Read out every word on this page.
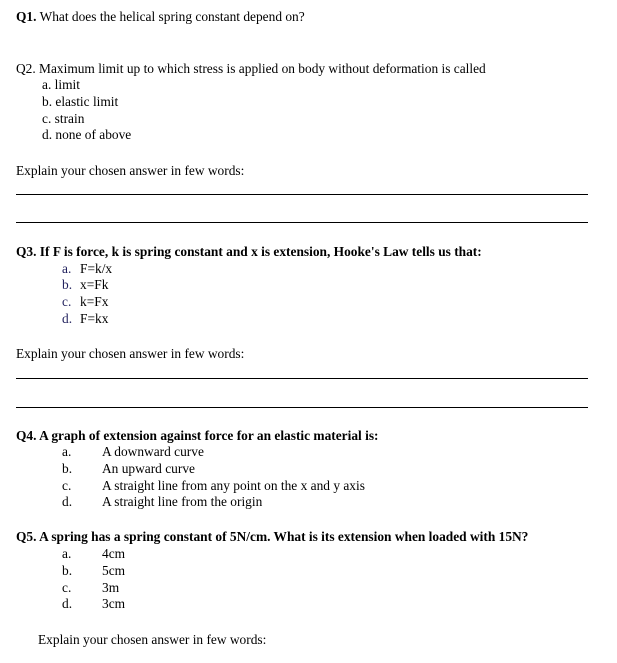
Q1. What does the helical spring constant depend on?
Q2. Maximum limit up to which stress is applied on body without deformation is called
a. limit
b. elastic limit
c. strain
d. none of above
Explain your chosen answer in few words:
Q3. If F is force, k is spring constant and x is extension, Hooke's Law tells us that:
a. F=k/x
b. x=Fk
c. k=Fx
d. F=kx
Explain your chosen answer in few words:
Q4. A graph of extension against force for an elastic material is:
a. A downward curve
b. An upward curve
c. A straight line from any point on the x and y axis
d. A straight line from the origin
Q5. A spring has a spring constant of 5N/cm. What is its extension when loaded with 15N?
a. 4cm
b. 5cm
c. 3m
d. 3cm
Explain your chosen answer in few words:
